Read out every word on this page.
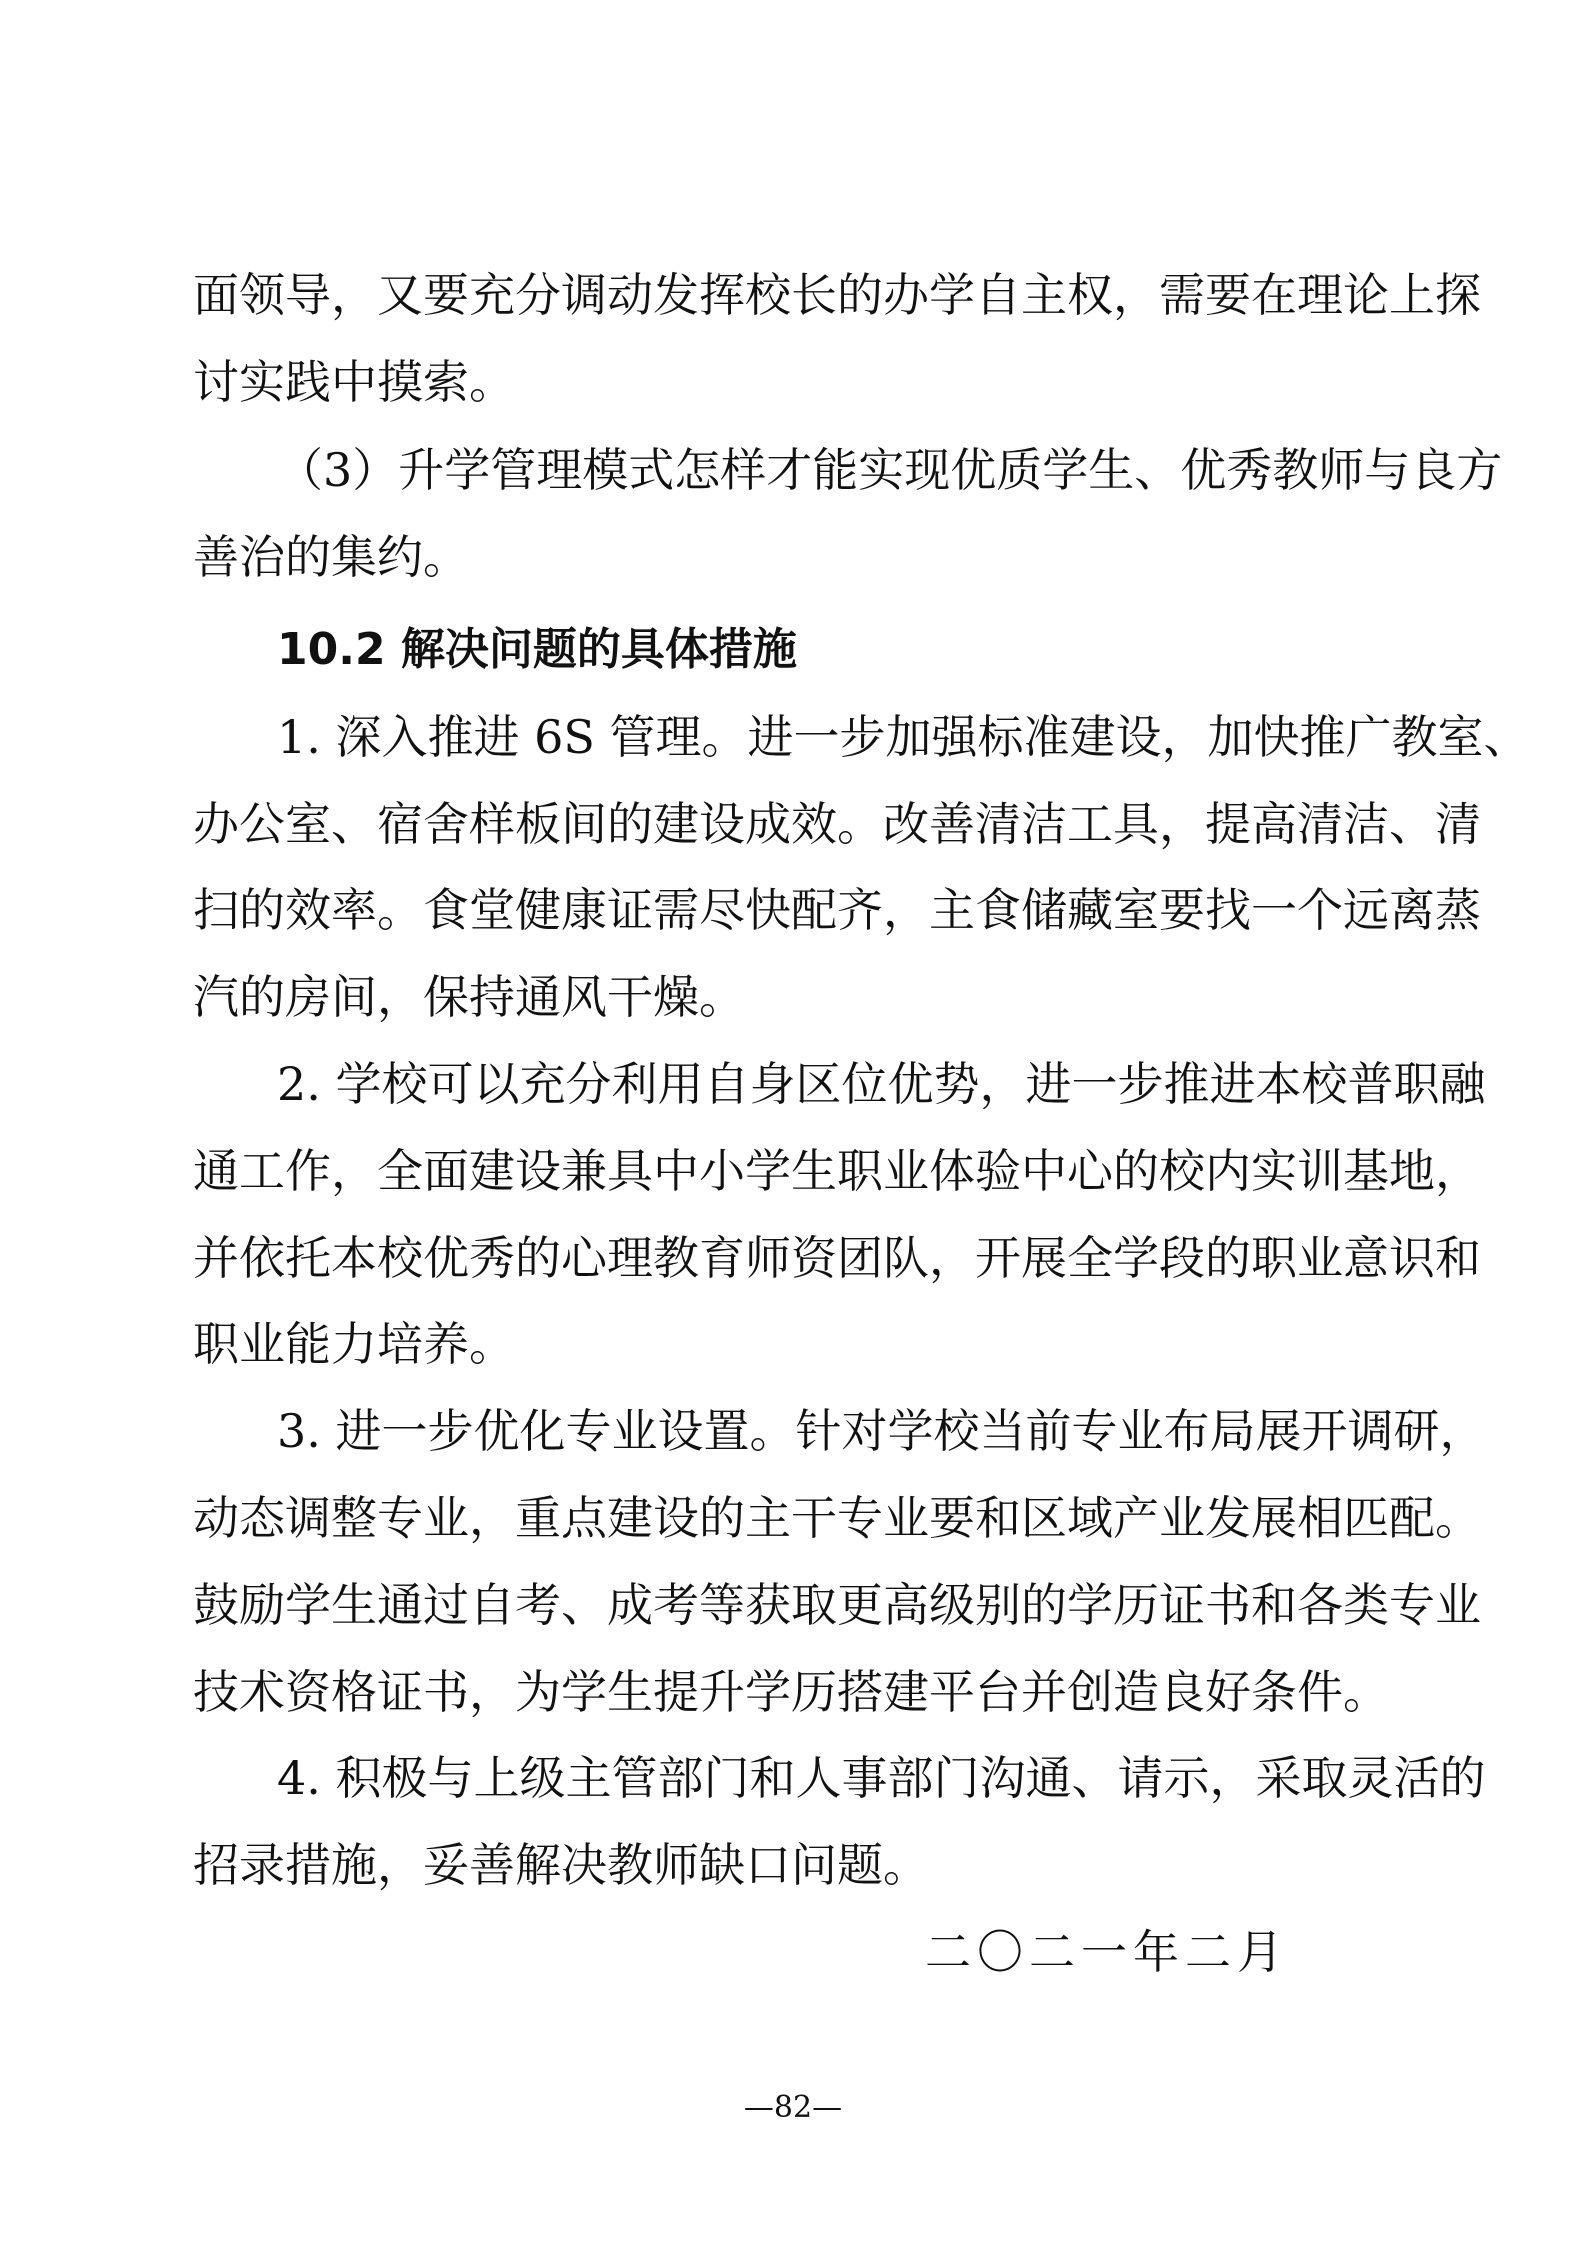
面领导，又要充分调动发挥校长的办学自主权，需要在理论上探
讨实践中摸索。
（3）升学管理模式怎样才能实现优质学生、优秀教师与良方
善治的集约。
10.2 解决问题的具体措施
1. 深入推进 6S 管理。进一步加强标准建设，加快推广教室、
办公室、宿舍样板间的建设成效。改善清洁工具，提高清洁、清
扫的效率。食堂健康证需尽快配齐，主食储藏室要找一个远离蒸
汽的房间，保持通风干燥。
2. 学校可以充分利用自身区位优势，进一步推进本校普职融
通工作，全面建设兼具中小学生职业体验中心的校内实训基地，
并依托本校优秀的心理教育师资团队，开展全学段的职业意识和
职业能力培养。
3. 进一步优化专业设置。针对学校当前专业布局展开调研，
动态调整专业，重点建设的主干专业要和区域产业发展相匹配。
鼓励学生通过自考、成考等获取更高级别的学历证书和各类专业
技术资格证书，为学生提升学历搭建平台并创造良好条件。
4. 积极与上级主管部门和人事部门沟通、请示，采取灵活的
招录措施，妥善解决教师缺口问题。
二〇二一年二月
—82—
